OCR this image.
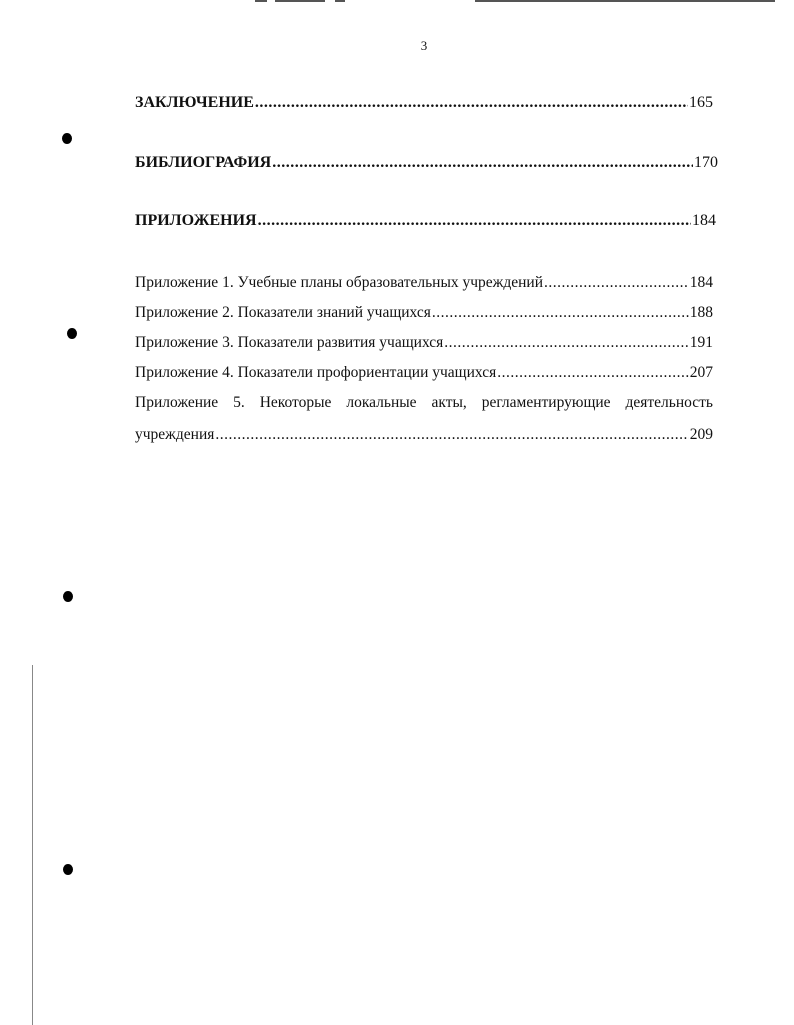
3
ЗАКЛЮЧЕНИЕ .....	165
БИБЛИОГРАФИЯ .....	170
ПРИЛОЖЕНИЯ .....	184
Приложение 1. Учебные планы образовательных учреждений .....	184
Приложение 2. Показатели знаний учащихся .....	188
Приложение 3. Показатели развития учащихся .....	191
Приложение 4. Показатели профориентации учащихся .....	207
Приложение 5. Некоторые локальные акты, регламентирующие деятельность
учреждения .....	209
